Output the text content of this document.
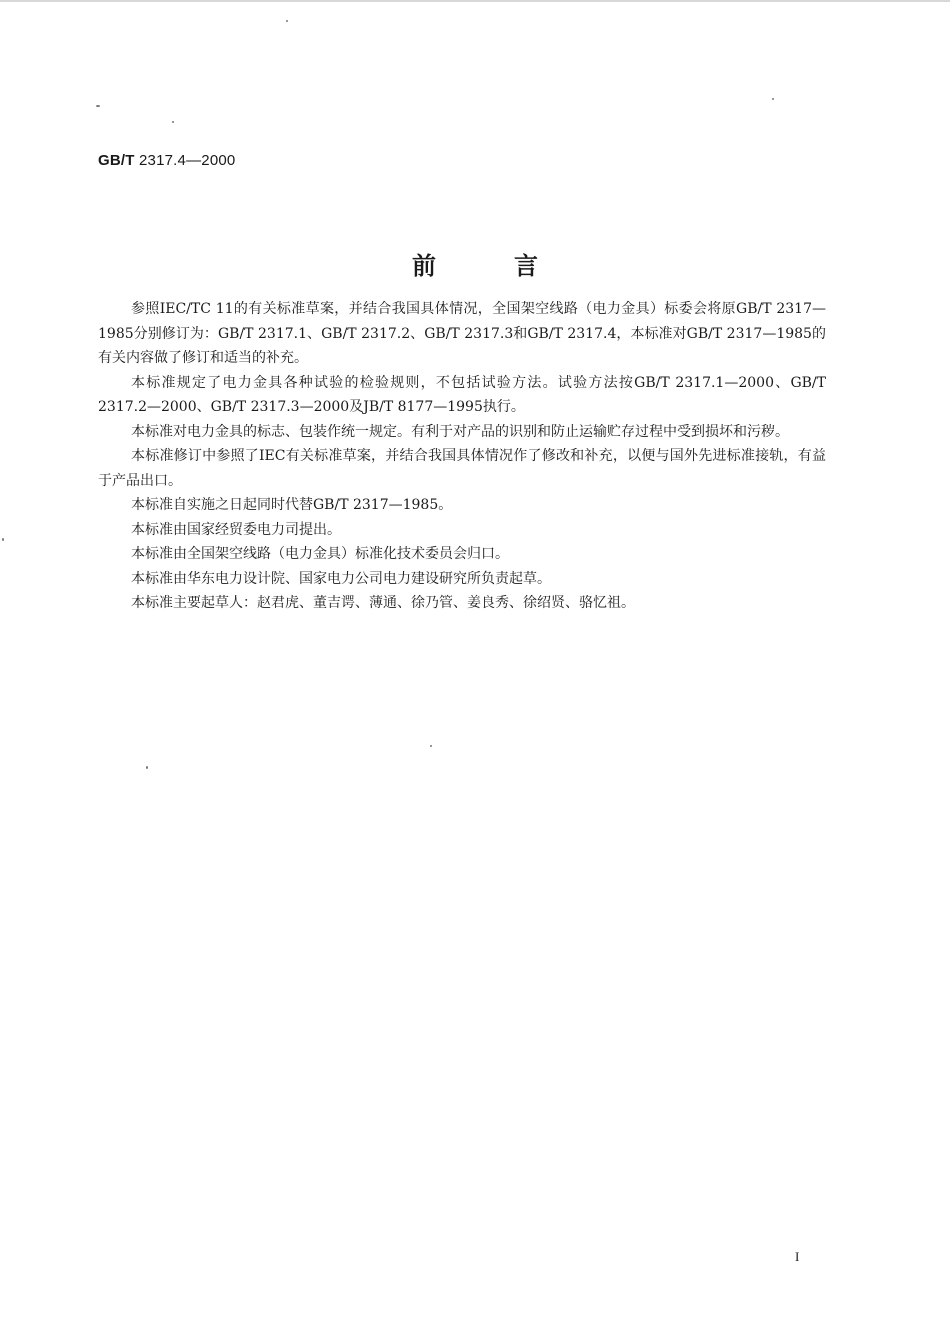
GB/T 2317.4—2000
前言

参照IEC/TC 11的有关标准草案，并结合我国具体情况，全国架空线路（电力金具）标委会将原GB/T 2317—1985分别修订为：GB/T 2317.1、GB/T 2317.2、GB/T 2317.3和GB/T 2317.4，本标准对GB/T 2317—1985的有关内容做了修订和适当的补充。

本标准规定了电力金具各种试验的检验规则，不包括试验方法。试验方法按GB/T 2317.1—2000、GB/T 2317.2—2000、GB/T 2317.3—2000及JB/T 8177—1995执行。

本标准对电力金具的标志、包装作统一规定。有利于对产品的识别和防止运输贮存过程中受到损坏和污秽。

本标准修订中参照了IEC有关标准草案，并结合我国具体情况作了修改和补充，以便与国外先进标准接轨，有益于产品出口。

本标准自实施之日起同时代替GB/T 2317—1985。

本标准由国家经贸委电力司提出。

本标准由全国架空线路（电力金具）标准化技术委员会归口。

本标准由华东电力设计院、国家电力公司电力建设研究所负责起草。

本标准主要起草人：赵君虎、董吉谔、薄通、徐乃管、姜良秀、徐绍贤、骆忆祖。

I
